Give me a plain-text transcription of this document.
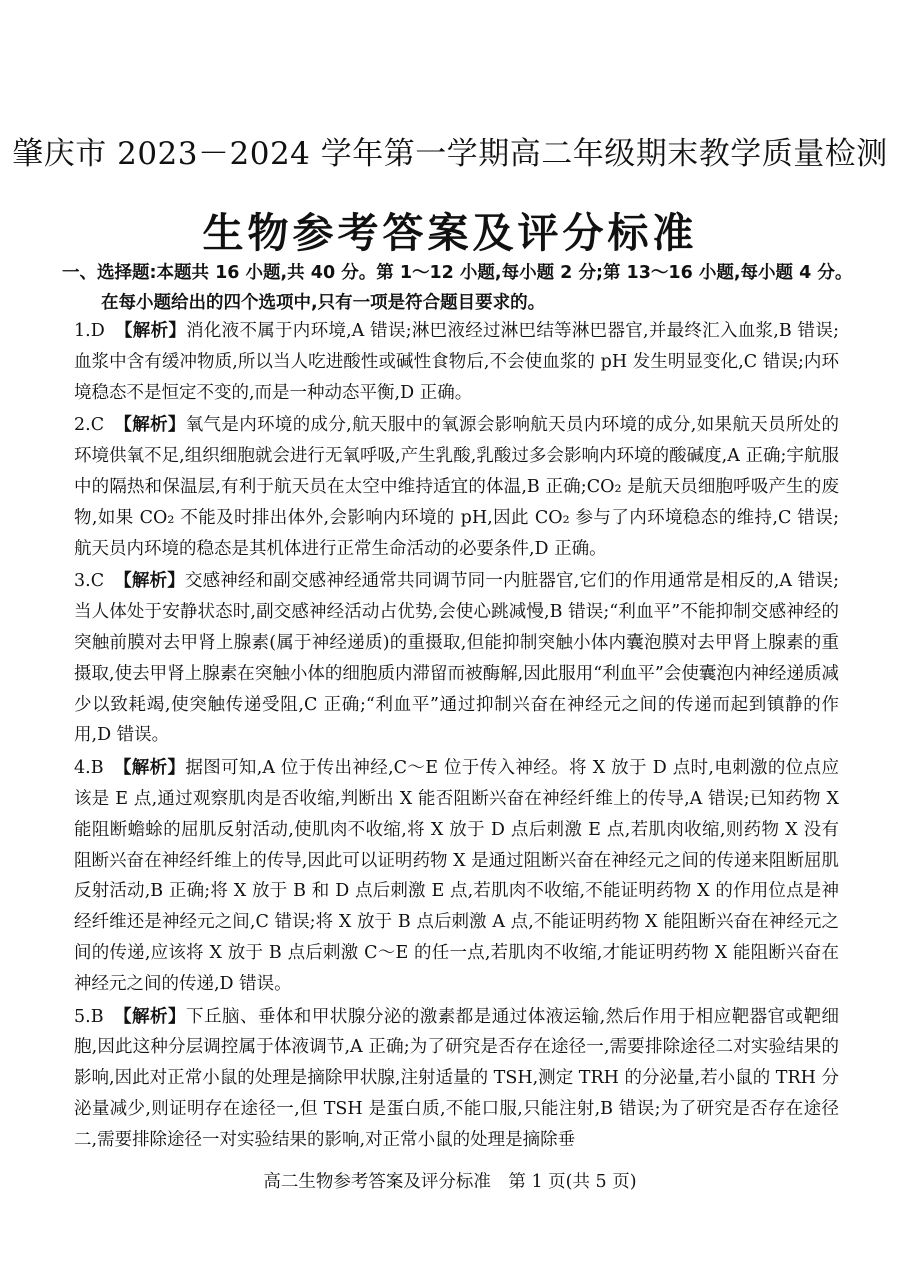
肇庆市 2023－2024 学年第一学期高二年级期末教学质量检测
生物参考答案及评分标准
一、选择题:本题共 16 小题,共 40 分。第 1～12 小题,每小题 2 分;第 13～16 小题,每小题 4 分。
在每小题给出的四个选项中,只有一项是符合题目要求的。

1.D 【解析】消化液不属于内环境,A 错误;淋巴液经过淋巴结等淋巴器官,并最终汇入血浆,B 错误;血浆中含有缓冲物质,所以当人吃进酸性或碱性食物后,不会使血浆的 pH 发生明显变化,C 错误;内环境稳态不是恒定不变的,而是一种动态平衡,D 正确。

2.C 【解析】氧气是内环境的成分,航天服中的氧源会影响航天员内环境的成分,如果航天员所处的环境供氧不足,组织细胞就会进行无氧呼吸,产生乳酸,乳酸过多会影响内环境的酸碱度,A 正确;宇航服中的隔热和保温层,有利于航天员在太空中维持适宜的体温,B 正确;CO₂ 是航天员细胞呼吸产生的废物,如果 CO₂ 不能及时排出体外,会影响内环境的 pH,因此 CO₂ 参与了内环境稳态的维持,C 错误;航天员内环境的稳态是其机体进行正常生命活动的必要条件,D 正确。

3.C 【解析】交感神经和副交感神经通常共同调节同一内脏器官,它们的作用通常是相反的,A 错误;当人体处于安静状态时,副交感神经活动占优势,会使心跳减慢,B 错误;“利血平”不能抑制交感神经的突触前膜对去甲肾上腺素(属于神经递质)的重摄取,但能抑制突触小体内囊泡膜对去甲肾上腺素的重摄取,使去甲肾上腺素在突触小体的细胞质内滞留而被酶解,因此服用“利血平”会使囊泡内神经递质减少以致耗竭,使突触传递受阻,C 正确;“利血平”通过抑制兴奋在神经元之间的传递而起到镇静的作用,D 错误。

4.B 【解析】据图可知,A 位于传出神经,C～E 位于传入神经。将 X 放于 D 点时,电刺激的位点应该是 E 点,通过观察肌肉是否收缩,判断出 X 能否阻断兴奋在神经纤维上的传导,A 错误;已知药物 X 能阻断蟾蜍的屈肌反射活动,使肌肉不收缩,将 X 放于 D 点后刺激 E 点,若肌肉收缩,则药物 X 没有阻断兴奋在神经纤维上的传导,因此可以证明药物 X 是通过阻断兴奋在神经元之间的传递来阻断屈肌反射活动,B 正确;将 X 放于 B 和 D 点后刺激 E 点,若肌肉不收缩,不能证明药物 X 的作用位点是神经纤维还是神经元之间,C 错误;将 X 放于 B 点后刺激 A 点,不能证明药物 X 能阻断兴奋在神经元之间的传递,应该将 X 放于 B 点后刺激 C～E 的任一点,若肌肉不收缩,才能证明药物 X 能阻断兴奋在神经元之间的传递,D 错误。

5.B 【解析】下丘脑、垂体和甲状腺分泌的激素都是通过体液运输,然后作用于相应靶器官或靶细胞,因此这种分层调控属于体液调节,A 正确;为了研究是否存在途径一,需要排除途径二对实验结果的影响,因此对正常小鼠的处理是摘除甲状腺,注射适量的 TSH,测定 TRH 的分泌量,若小鼠的 TRH 分泌量减少,则证明存在途径一,但 TSH 是蛋白质,不能口服,只能注射,B 错误;为了研究是否存在途径二,需要排除途径一对实验结果的影响,对正常小鼠的处理是摘除垂

高二生物参考答案及评分标准　第 1 页(共 5 页)
